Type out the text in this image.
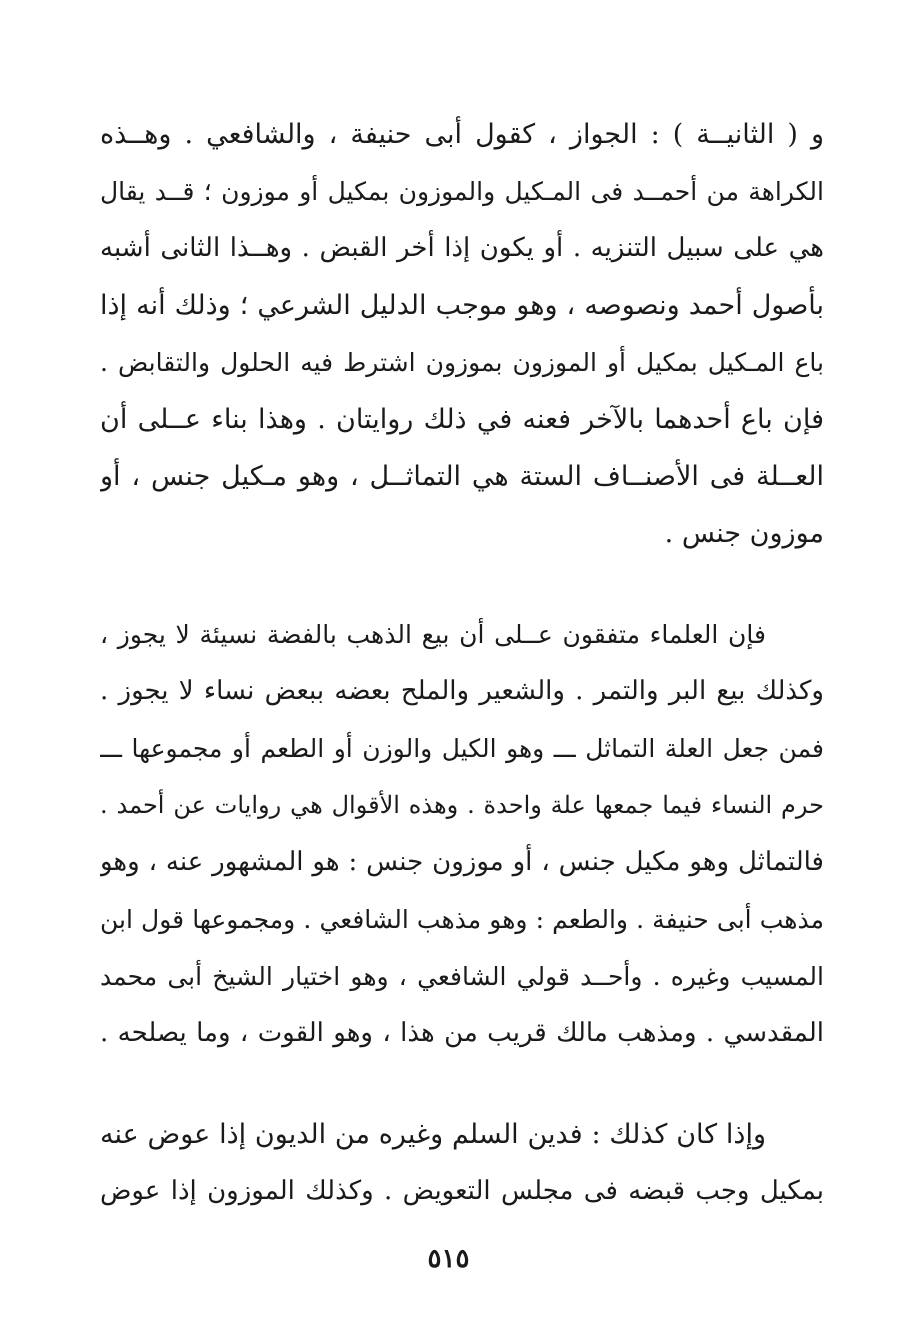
و ( الثانيــة ) : الجواز ، كقول أبى حنيفة ، والشافعي . وهــذه
الكراهة من أحمــد فى المـكيل والموزون بمكيل أو موزون ؛ قــد يقال
هي على سبيل التنزيه . أو يكون إذا أخر القبض . وهــذا الثانى أشبه
بأصول أحمد ونصوصه ، وهو موجب الدليل الشرعي ؛ وذلك أنه إذا
باع المـكيل بمكيل أو الموزون بموزون اشترط فيه الحلول والتقابض .
فإن باع أحدهما بالآخر فعنه في ذلك روايتان . وهذا بناء عــلى أن
العــلة فى الأصنــاف الستة هي التماثــل ، وهو مـكيل جنس ، أو
موزون جنس .
فإن العلماء متفقون عــلى أن بيع الذهب بالفضة نسيئة لا يجوز ،
وكذلك بيع البر والتمر . والشعير والملح بعضه ببعض نساء لا يجوز .
فمن جعل العلة التماثل ـــ وهو الكيل والوزن أو الطعم أو مجموعها ـــ
حرم النساء فيما جمعها علة واحدة . وهذه الأقوال هي روايات عن أحمد .
فالتماثل وهو مكيل جنس ، أو موزون جنس : هو المشهور عنه ، وهو
مذهب أبى حنيفة . والطعم : وهو مذهب الشافعي . ومجموعها قول ابن
المسيب وغيره . وأحــد قولي الشافعي ، وهو اختيار الشيخ أبى محمد
المقدسي . ومذهب مالك قريب من هذا ، وهو القوت ، وما يصلحه .
وإذا كان كذلك : فدين السلم وغيره من الديون إذا عوض عنه
بمكيل وجب قبضه فى مجلس التعويض . وكذلك الموزون إذا عوض
٥١٥
